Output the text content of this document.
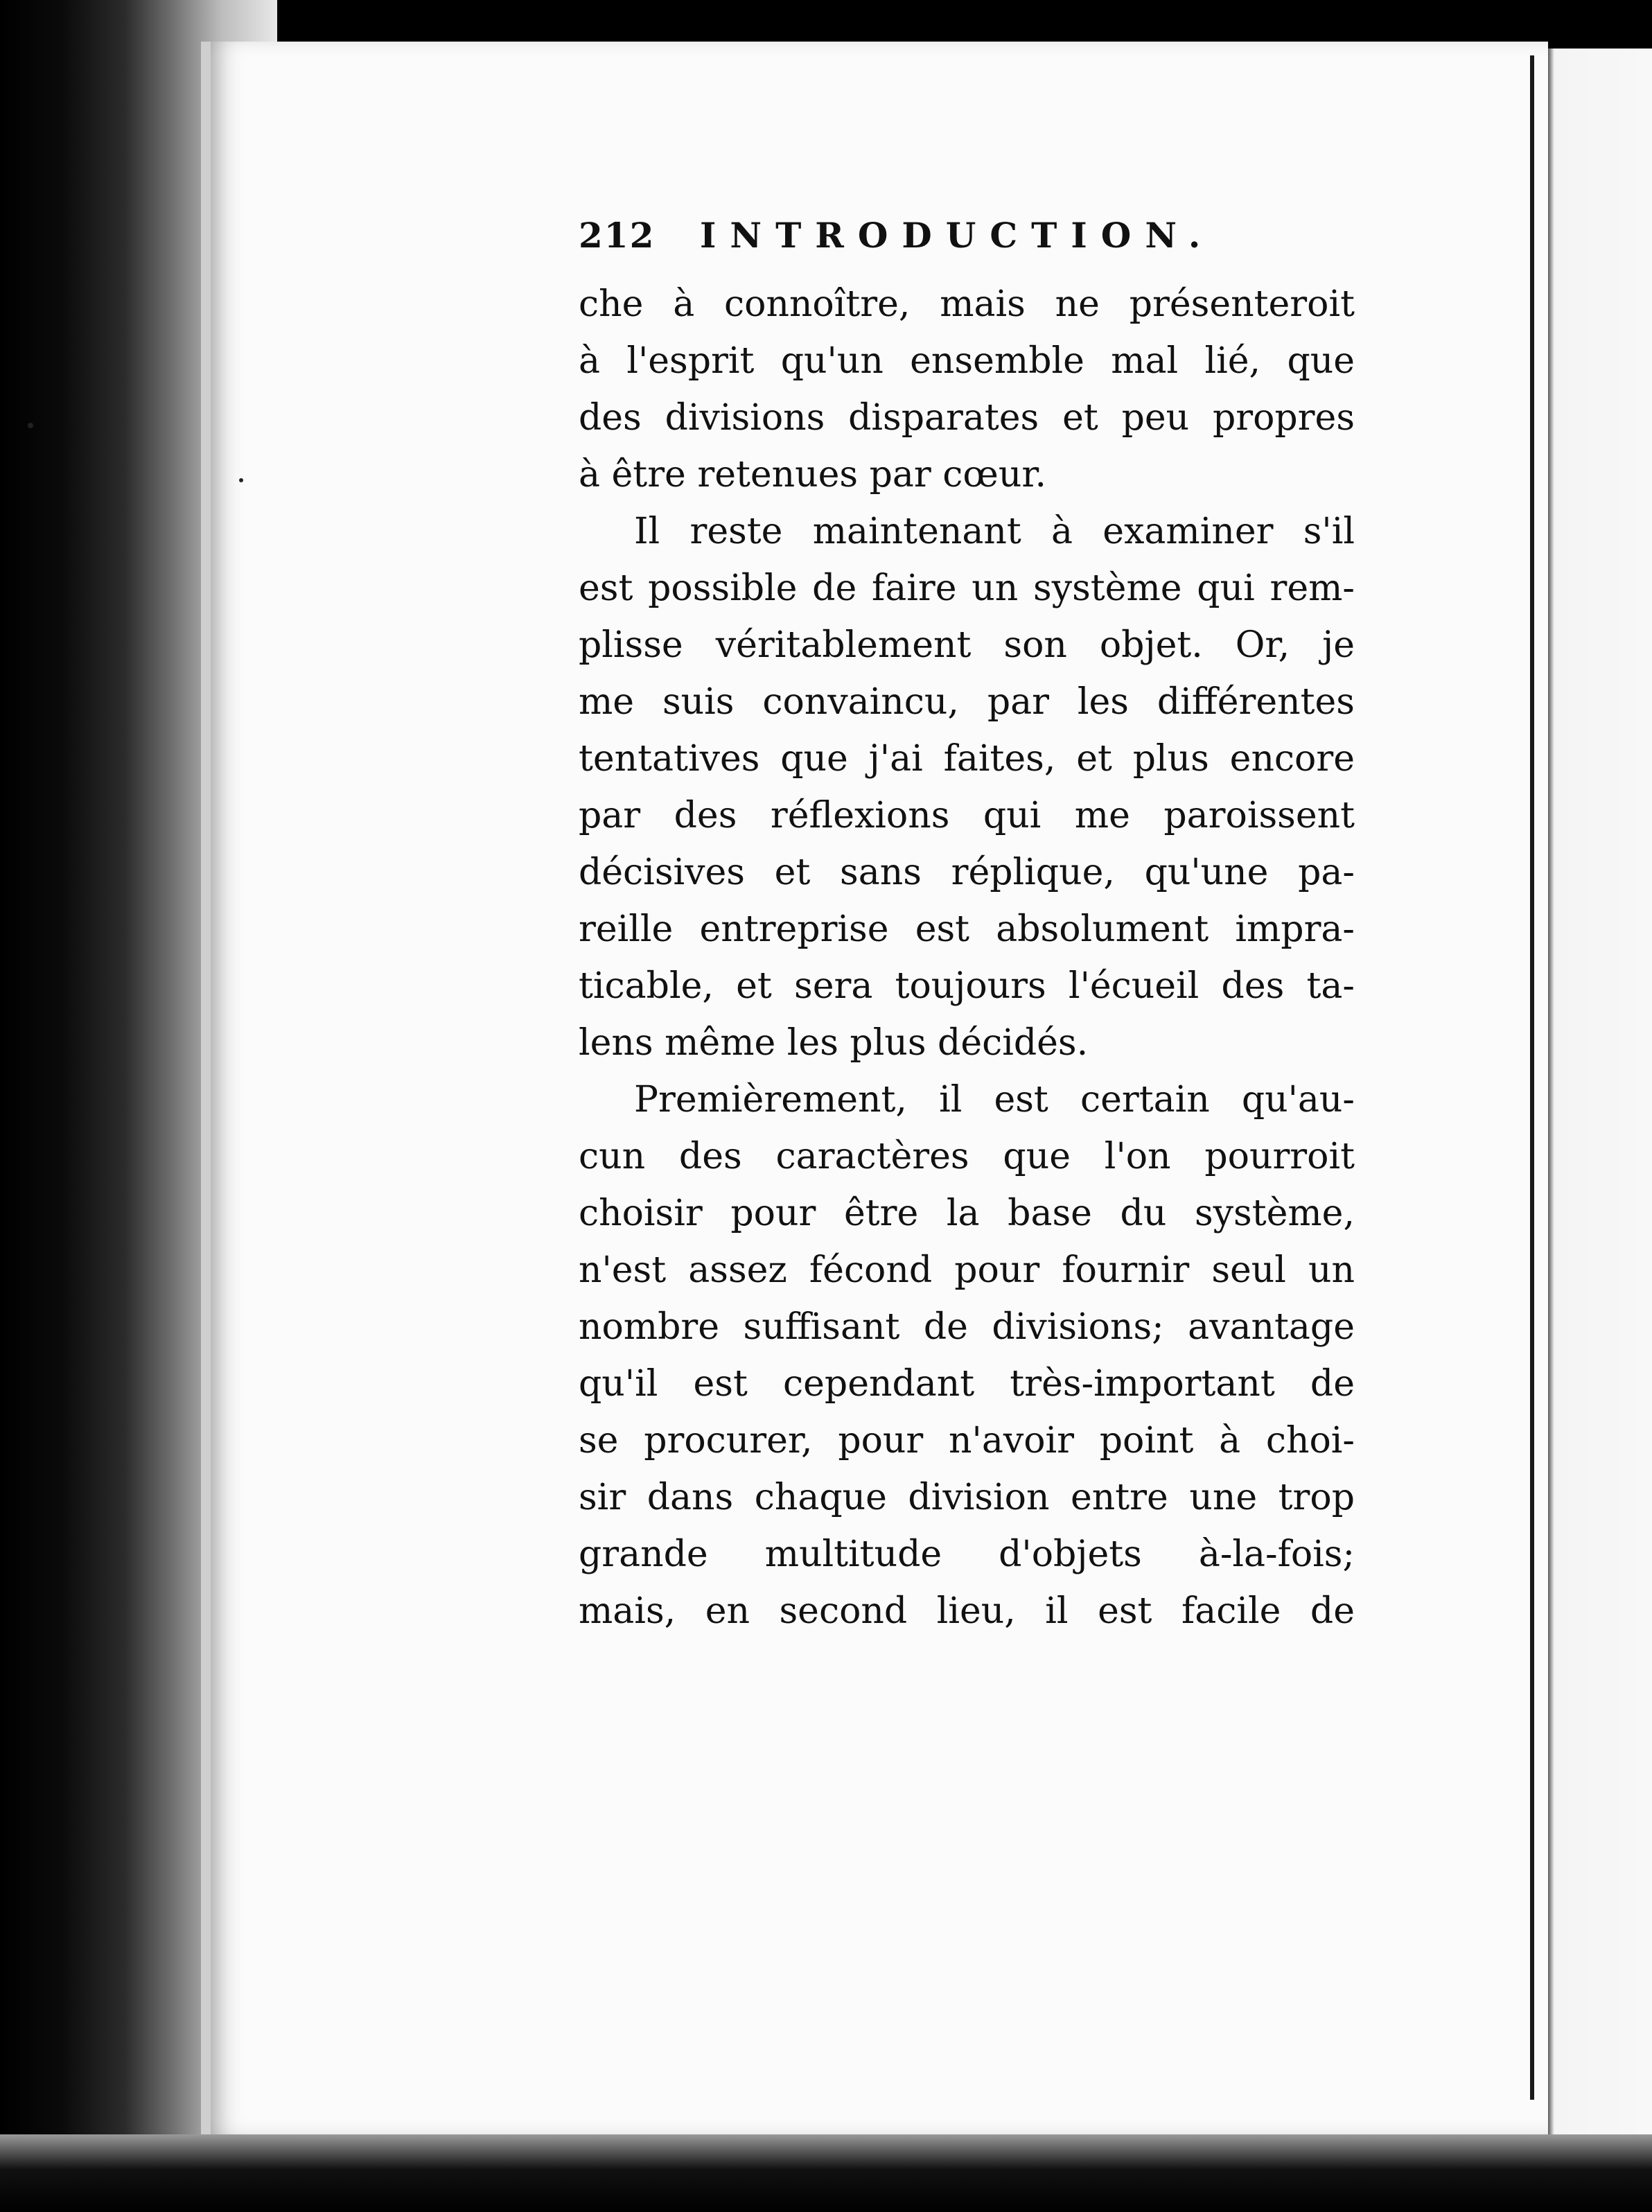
212	INTRODUCTION.
che à connoître, mais ne présenteroit
à l'esprit qu'un ensemble mal lié, que
des divisions disparates et peu propres
à être retenues par cœur.
Il reste maintenant à examiner s'il
est possible de faire un système qui rem-
plisse véritablement son objet. Or, je
me suis convaincu, par les différentes
tentatives que j'ai faites, et plus encore
par des réflexions qui me paroissent
décisives et sans réplique, qu'une pa-
reille entreprise est absolument impra-
ticable, et sera toujours l'écueil des ta-
lens même les plus décidés.
Premièrement, il est certain qu'au-
cun des caractères que l'on pourroit
choisir pour être la base du système,
n'est assez fécond pour fournir seul un
nombre suffisant de divisions; avantage
qu'il est cependant très-important de
se procurer, pour n'avoir point à choi-
sir dans chaque division entre une trop
grande multitude d'objets à-la-fois;
mais, en second lieu, il est facile de
